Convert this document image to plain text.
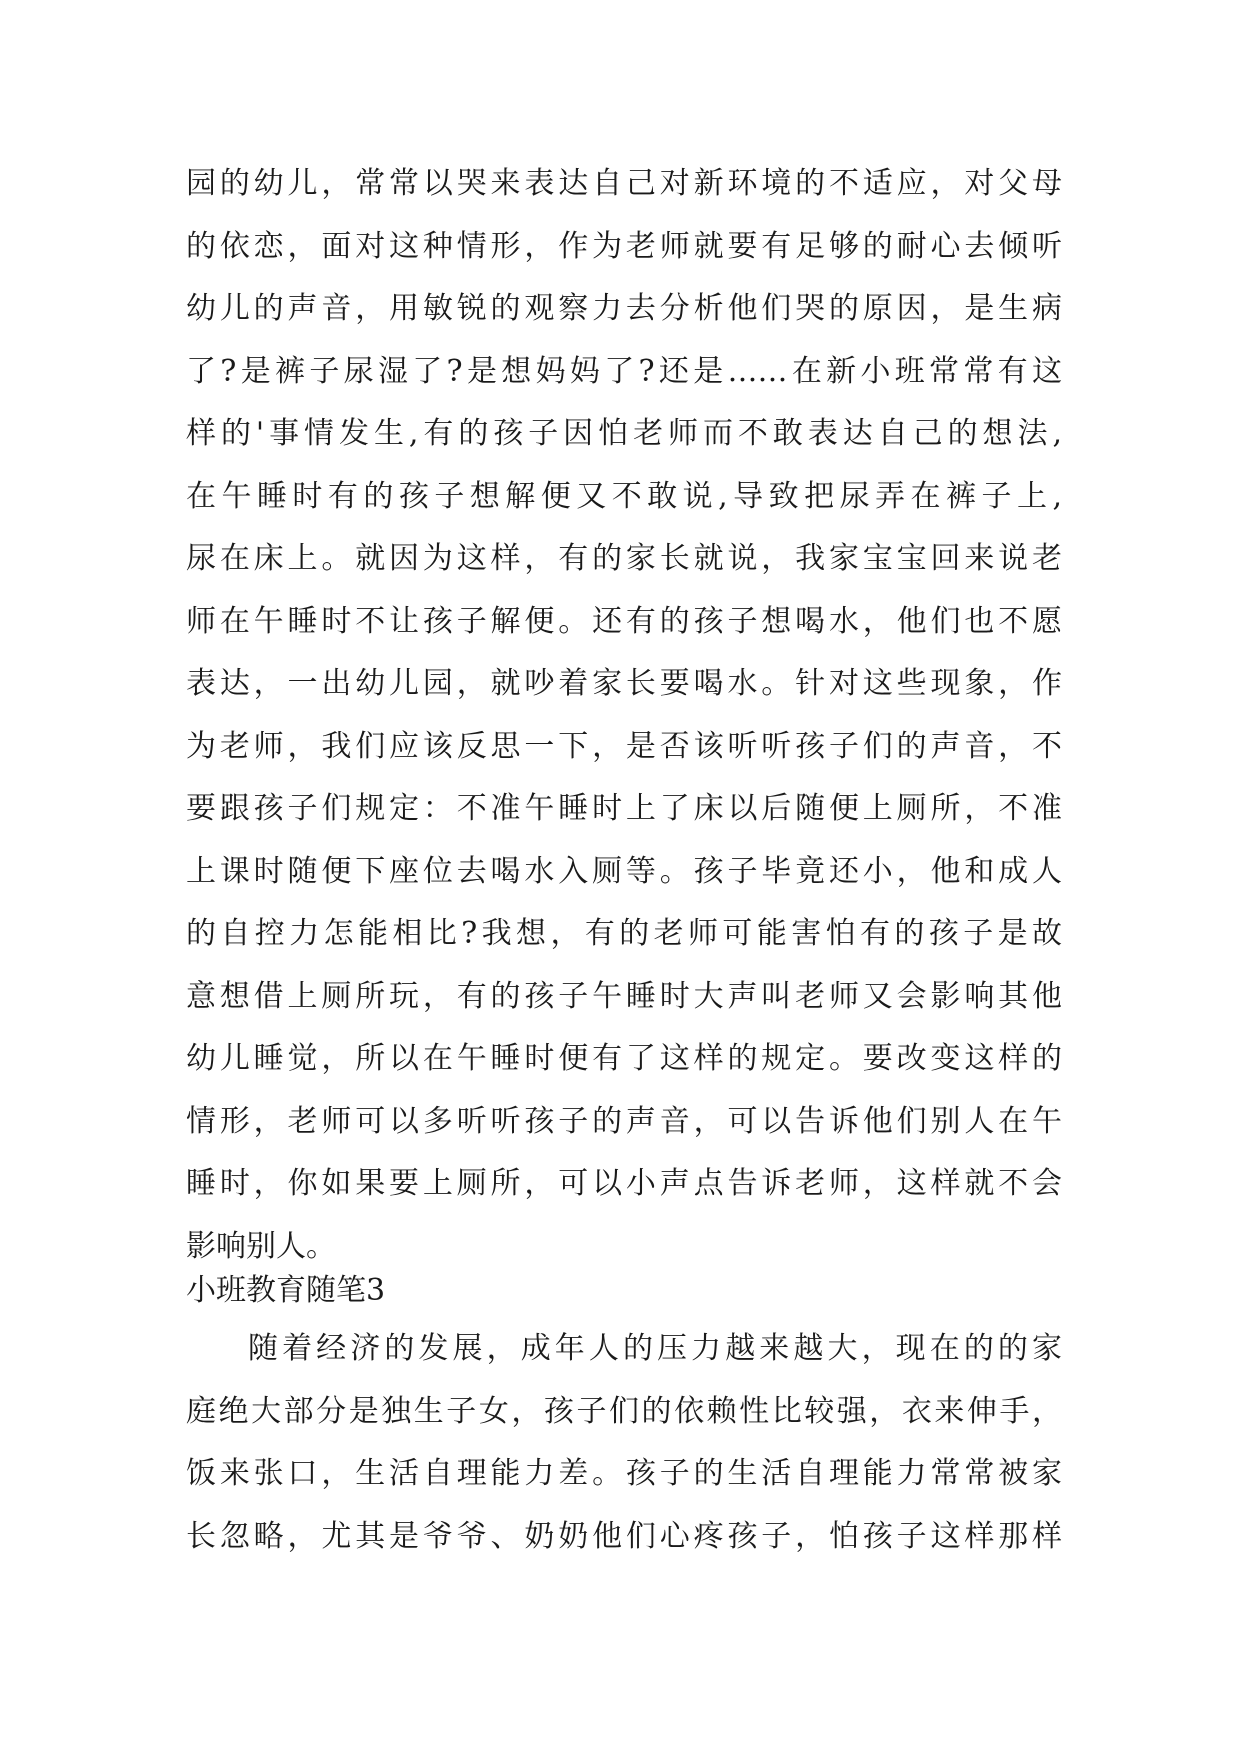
园的幼儿，常常以哭来表达自己对新环境的不适应，对父母
的依恋，面对这种情形，作为老师就要有足够的耐心去倾听
幼儿的声音，用敏锐的观察力去分析他们哭的原因，是生病
了?是裤子尿湿了?是想妈妈了?还是……在新小班常常有这
样的'事情发生,有的孩子因怕老师而不敢表达自己的想法,
在午睡时有的孩子想解便又不敢说,导致把尿弄在裤子上,
尿在床上。就因为这样，有的家长就说，我家宝宝回来说老
师在午睡时不让孩子解便。还有的孩子想喝水，他们也不愿
表达，一出幼儿园，就吵着家长要喝水。针对这些现象，作
为老师，我们应该反思一下，是否该听听孩子们的声音，不
要跟孩子们规定：不准午睡时上了床以后随便上厕所，不准
上课时随便下座位去喝水入厕等。孩子毕竟还小，他和成人
的自控力怎能相比?我想，有的老师可能害怕有的孩子是故
意想借上厕所玩，有的孩子午睡时大声叫老师又会影响其他
幼儿睡觉，所以在午睡时便有了这样的规定。要改变这样的
情形，老师可以多听听孩子的声音，可以告诉他们别人在午
睡时，你如果要上厕所，可以小声点告诉老师，这样就不会
影响别人。
小班教育随笔3
随着经济的发展，成年人的压力越来越大，现在的的家
庭绝大部分是独生子女，孩子们的依赖性比较强，衣来伸手，
饭来张口，生活自理能力差。孩子的生活自理能力常常被家
长忽略，尤其是爷爷、奶奶他们心疼孩子，怕孩子这样那样
